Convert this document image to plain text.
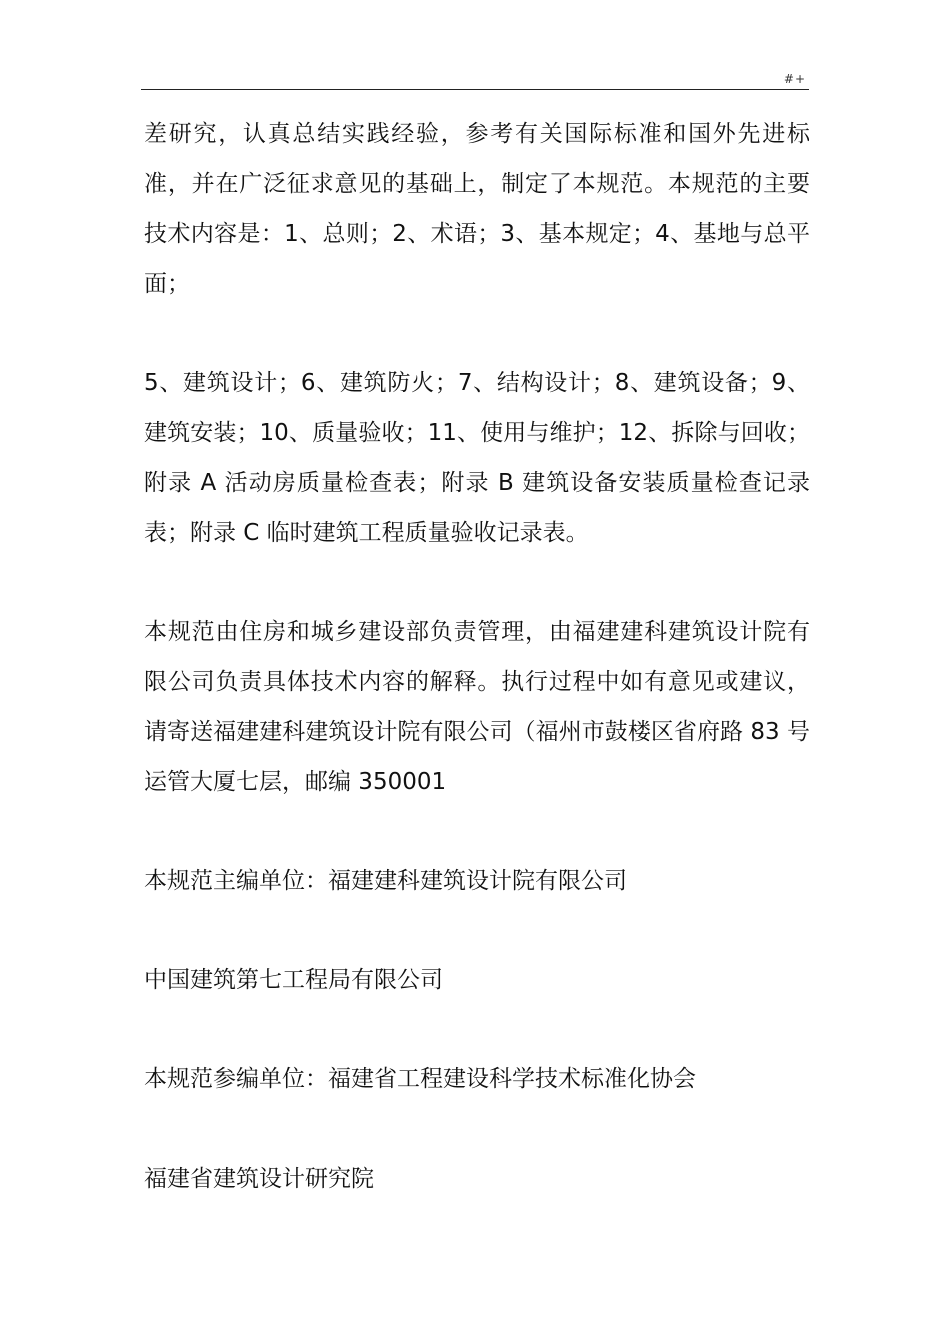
#+

差研究，认真总结实践经验，参考有关国际标准和国外先进标准，并在广泛征求意见的基础上，制定了本规范。本规范的主要技术内容是：1、总则；2、术语；3、基本规定；4、基地与总平面；

5、建筑设计；6、建筑防火；7、结构设计；8、建筑设备；9、建筑安装；10、质量验收；11、使用与维护；12、拆除与回收；附录 A 活动房质量检查表；附录 B 建筑设备安装质量检查记录表；附录 C 临时建筑工程质量验收记录表。

本规范由住房和城乡建设部负责管理，由福建建科建筑设计院有限公司负责具体技术内容的解释。执行过程中如有意见或建议，请寄送福建建科建筑设计院有限公司（福州市鼓楼区省府路 83 号运管大厦七层，邮编 350001

本规范主编单位：福建建科建筑设计院有限公司

中国建筑第七工程局有限公司

本规范参编单位：福建省工程建设科学技术标准化协会

福建省建筑设计研究院
